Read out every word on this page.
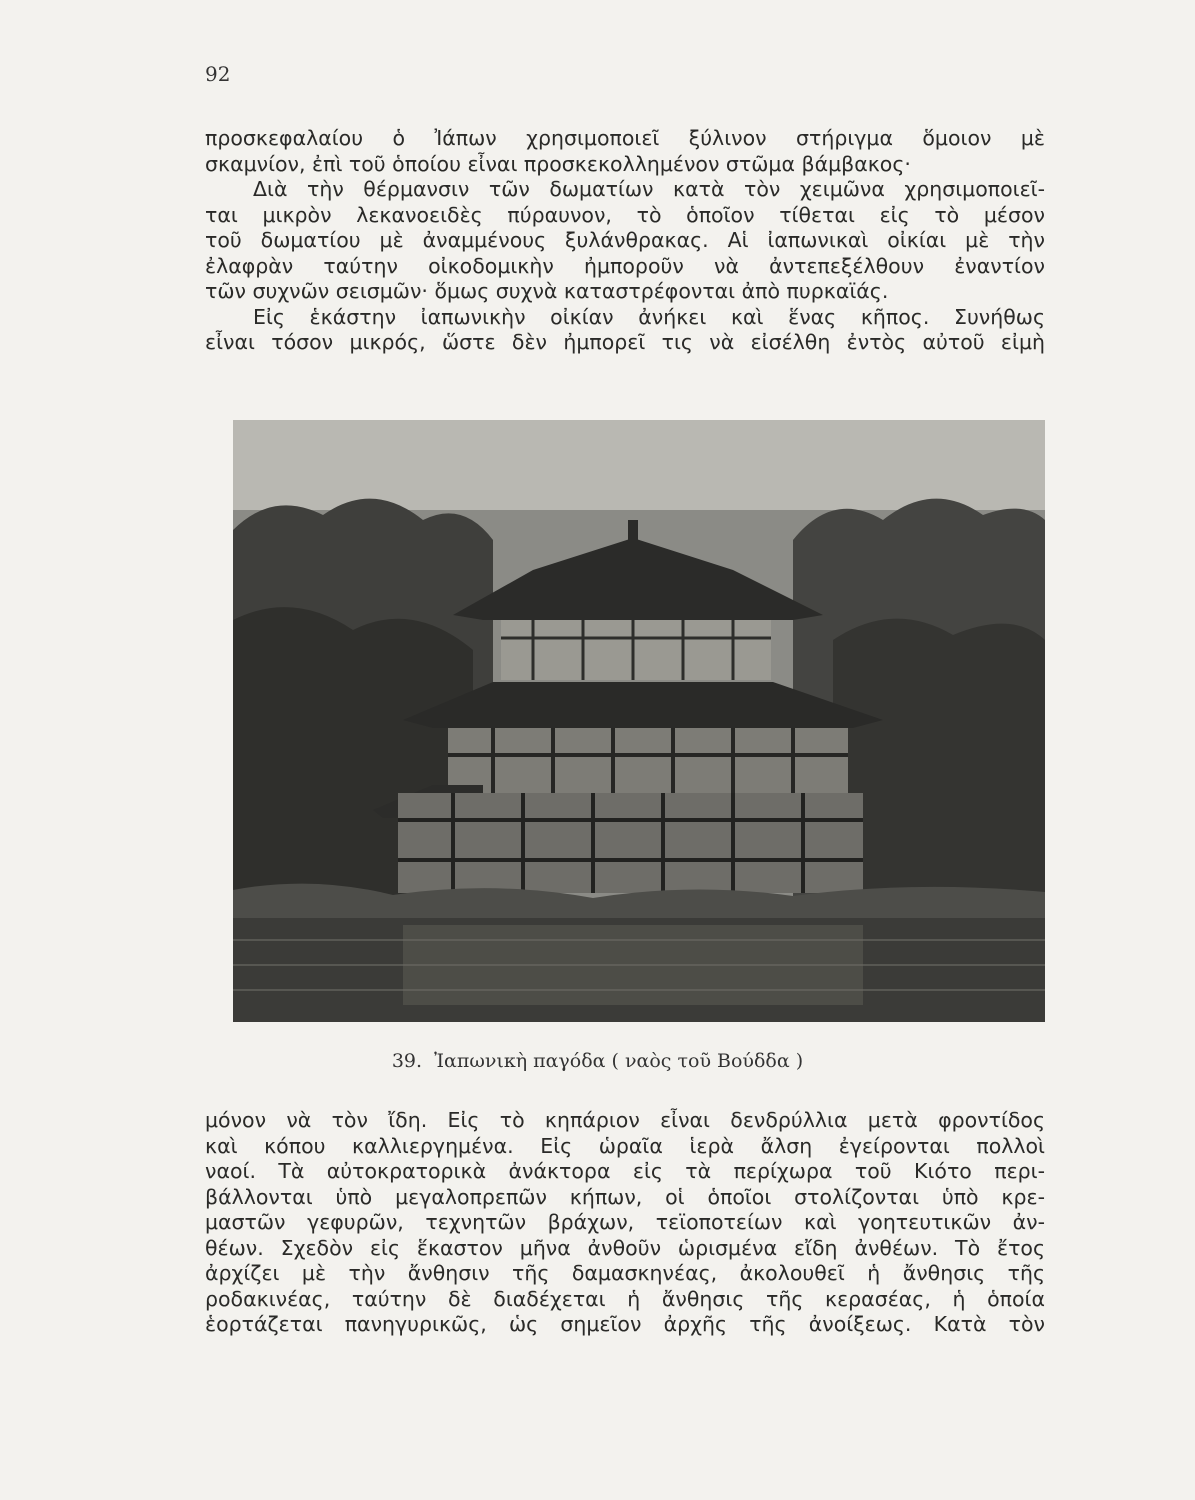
92
προσκεφαλαίου ὁ Ἰάπων χρησιμοποιεῖ ξύλινον στήριγμα ὅμοιον μὲ
σκαμνίον, ἐπὶ τοῦ ὁποίου εἶναι προσκεκολλημένον στῶμα βάμβακος·
Διὰ τὴν θέρμανσιν τῶν δωματίων κατὰ τὸν χειμῶνα χρησιμοποιεῖ-
ται μικρὸν λεκανοειδὲς πύραυνον, τὸ ὁποῖον τίθεται εἰς τὸ μέσον
τοῦ δωματίου μὲ ἀναμμένους ξυλάνθρακας. Αἱ ἰαπωνικαὶ οἰκίαι μὲ τὴν
ἐλαφρὰν ταύτην οἰκοδομικὴν ἠμποροῦν νὰ ἀντεπεξέλθουν ἐναντίον
τῶν συχνῶν σεισμῶν· ὅμως συχνὰ καταστρέφονται ἀπὸ πυρκαϊάς.
Εἰς ἑκάστην ἰαπωνικὴν οἰκίαν ἀνήκει καὶ ἕνας κῆπος. Συνήθως
εἶναι τόσον μικρός, ὥστε δὲν ἠμπορεῖ τις νὰ εἰσέλθη ἐντὸς αὐτοῦ εἰμὴ
39. Ἰαπωνικὴ παγόδα ( ναὸς τοῦ Βούδδα )
μόνον νὰ τὸν ἴδη. Εἰς τὸ κηπάριον εἶναι δενδρύλλια μετὰ φροντίδος
καὶ κόπου καλλιεργημένα. Εἰς ὡραῖα ἱερὰ ἄλση ἐγείρονται πολλοὶ
ναοί. Τὰ αὐτοκρατορικὰ ἀνάκτορα εἰς τὰ περίχωρα τοῦ Κιότο περι-
βάλλονται ὑπὸ μεγαλοπρεπῶν κήπων, οἱ ὁποῖοι στολίζονται ὑπὸ κρε-
μαστῶν γεφυρῶν, τεχνητῶν βράχων, τεϊοποτείων καὶ γοητευτικῶν ἀν-
θέων. Σχεδὸν εἰς ἕκαστον μῆνα ἀνθοῦν ὡρισμένα εἴδη ἀνθέων. Τὸ ἔτος
ἀρχίζει μὲ τὴν ἄνθησιν τῆς δαμασκηνέας, ἀκολουθεῖ ἡ ἄνθησις τῆς
ροδακινέας, ταύτην δὲ διαδέχεται ἡ ἄνθησις τῆς κερασέας, ἡ ὁποία
ἑορτάζεται πανηγυρικῶς, ὡς σημεῖον ἀρχῆς τῆς ἀνοίξεως. Κατὰ τὸν
